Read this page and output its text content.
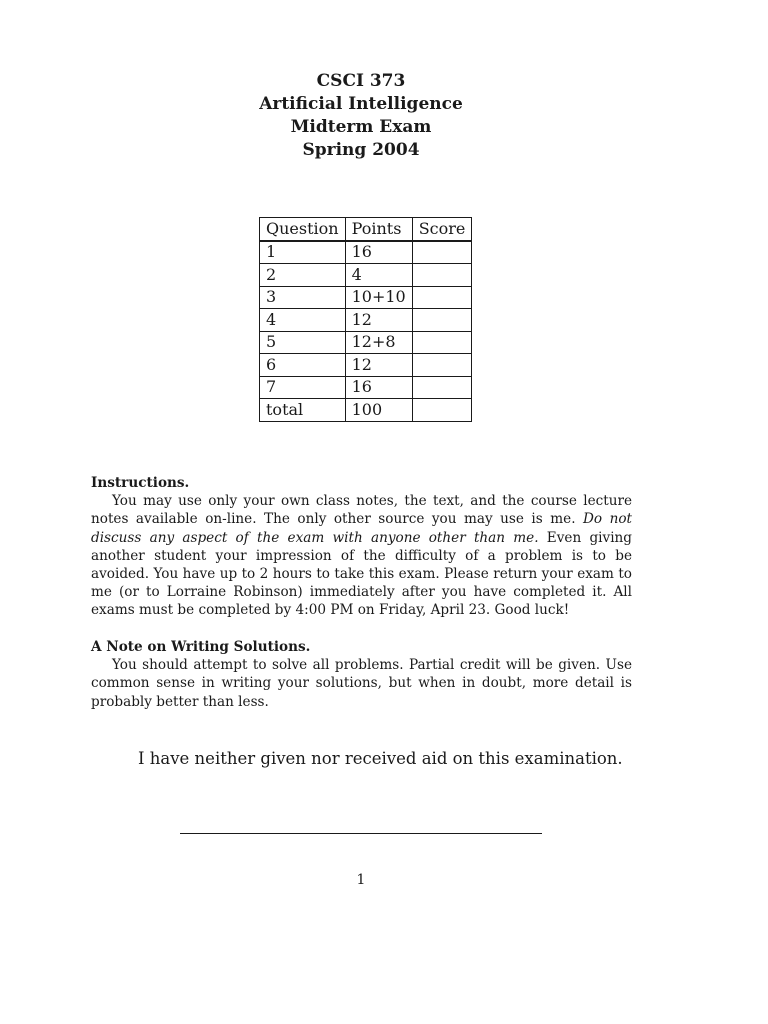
CSCI 373
Artificial Intelligence
Midterm Exam
Spring 2004
Question	Points	Score
1	16	
2	4	
3	10+10	
4	12	
5	12+8	
6	12	
7	16	
total	100	
Instructions.

You may use only your own class notes, the text, and the course lecture notes available on-line. The only other source you may use is me. Do not discuss any aspect of the exam with anyone other than me. Even giving another student your impression of the difficulty of a problem is to be avoided. You have up to 2 hours to take this exam. Please return your exam to me (or to Lorraine Robinson) immediately after you have completed it. All exams must be completed by 4:00 PM on Friday, April 23. Good luck!

A Note on Writing Solutions.

You should attempt to solve all problems. Partial credit will be given. Use common sense in writing your solutions, but when in doubt, more detail is probably better than less.

I have neither given nor received aid on this examination.
1
